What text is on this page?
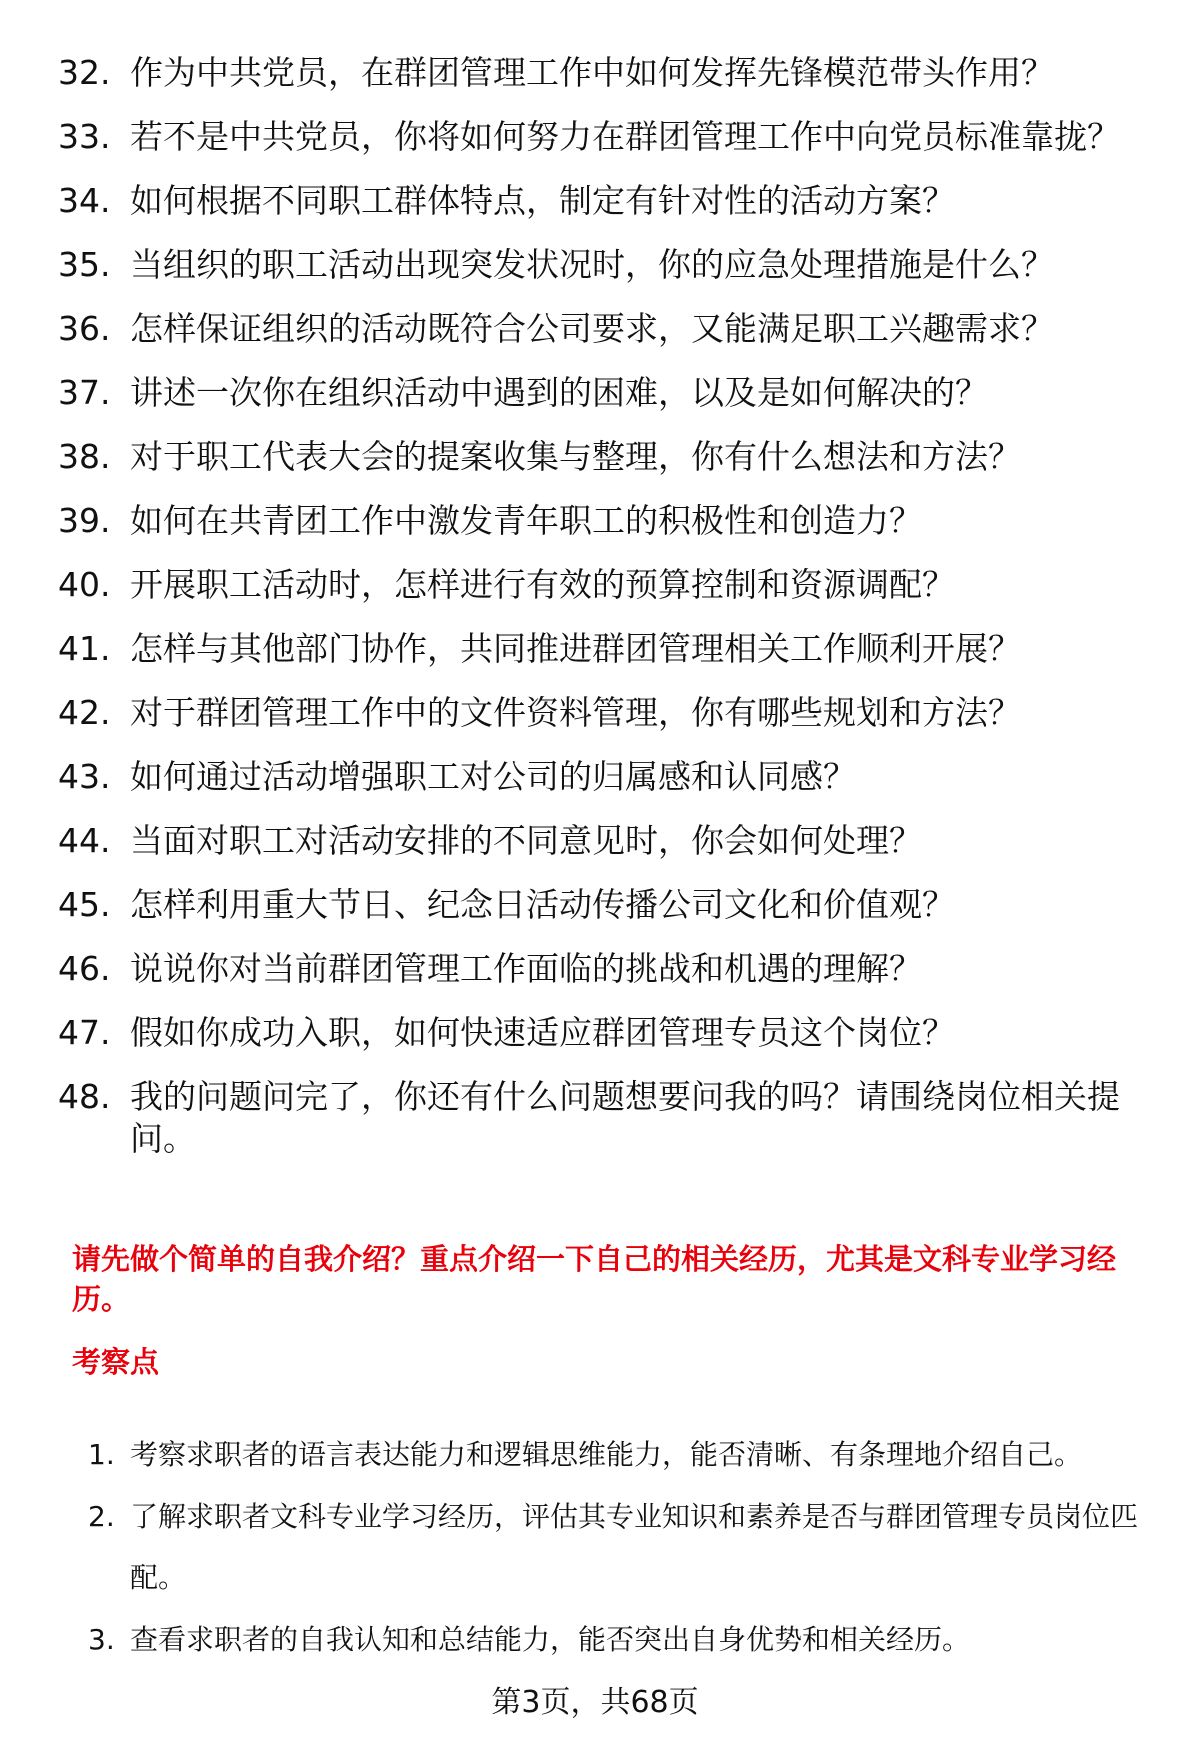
32. 作为中共党员，在群团管理工作中如何发挥先锋模范带头作用？
33. 若不是中共党员，你将如何努力在群团管理工作中向党员标准靠拢？
34. 如何根据不同职工群体特点，制定有针对性的活动方案？
35. 当组织的职工活动出现突发状况时，你的应急处理措施是什么？
36. 怎样保证组织的活动既符合公司要求，又能满足职工兴趣需求？
37. 讲述一次你在组织活动中遇到的困难，以及是如何解决的？
38. 对于职工代表大会的提案收集与整理，你有什么想法和方法？
39. 如何在共青团工作中激发青年职工的积极性和创造力？
40. 开展职工活动时，怎样进行有效的预算控制和资源调配？
41. 怎样与其他部门协作，共同推进群团管理相关工作顺利开展？
42. 对于群团管理工作中的文件资料管理，你有哪些规划和方法？
43. 如何通过活动增强职工对公司的归属感和认同感？
44. 当面对职工对活动安排的不同意见时，你会如何处理？
45. 怎样利用重大节日、纪念日活动传播公司文化和价值观？
46. 说说你对当前群团管理工作面临的挑战和机遇的理解？
47. 假如你成功入职，如何快速适应群团管理专员这个岗位？
48. 我的问题问完了，你还有什么问题想要问我的吗？请围绕岗位相关提问。

请先做个简单的自我介绍？重点介绍一下自己的相关经历，尤其是文科专业学习经历。

考察点

1. 考察求职者的语言表达能力和逻辑思维能力，能否清晰、有条理地介绍自己。
2. 了解求职者文科专业学习经历，评估其专业知识和素养是否与群团管理专员岗位匹配。
3. 查看求职者的自我认知和总结能力，能否突出自身优势和相关经历。
第3页，共68页
